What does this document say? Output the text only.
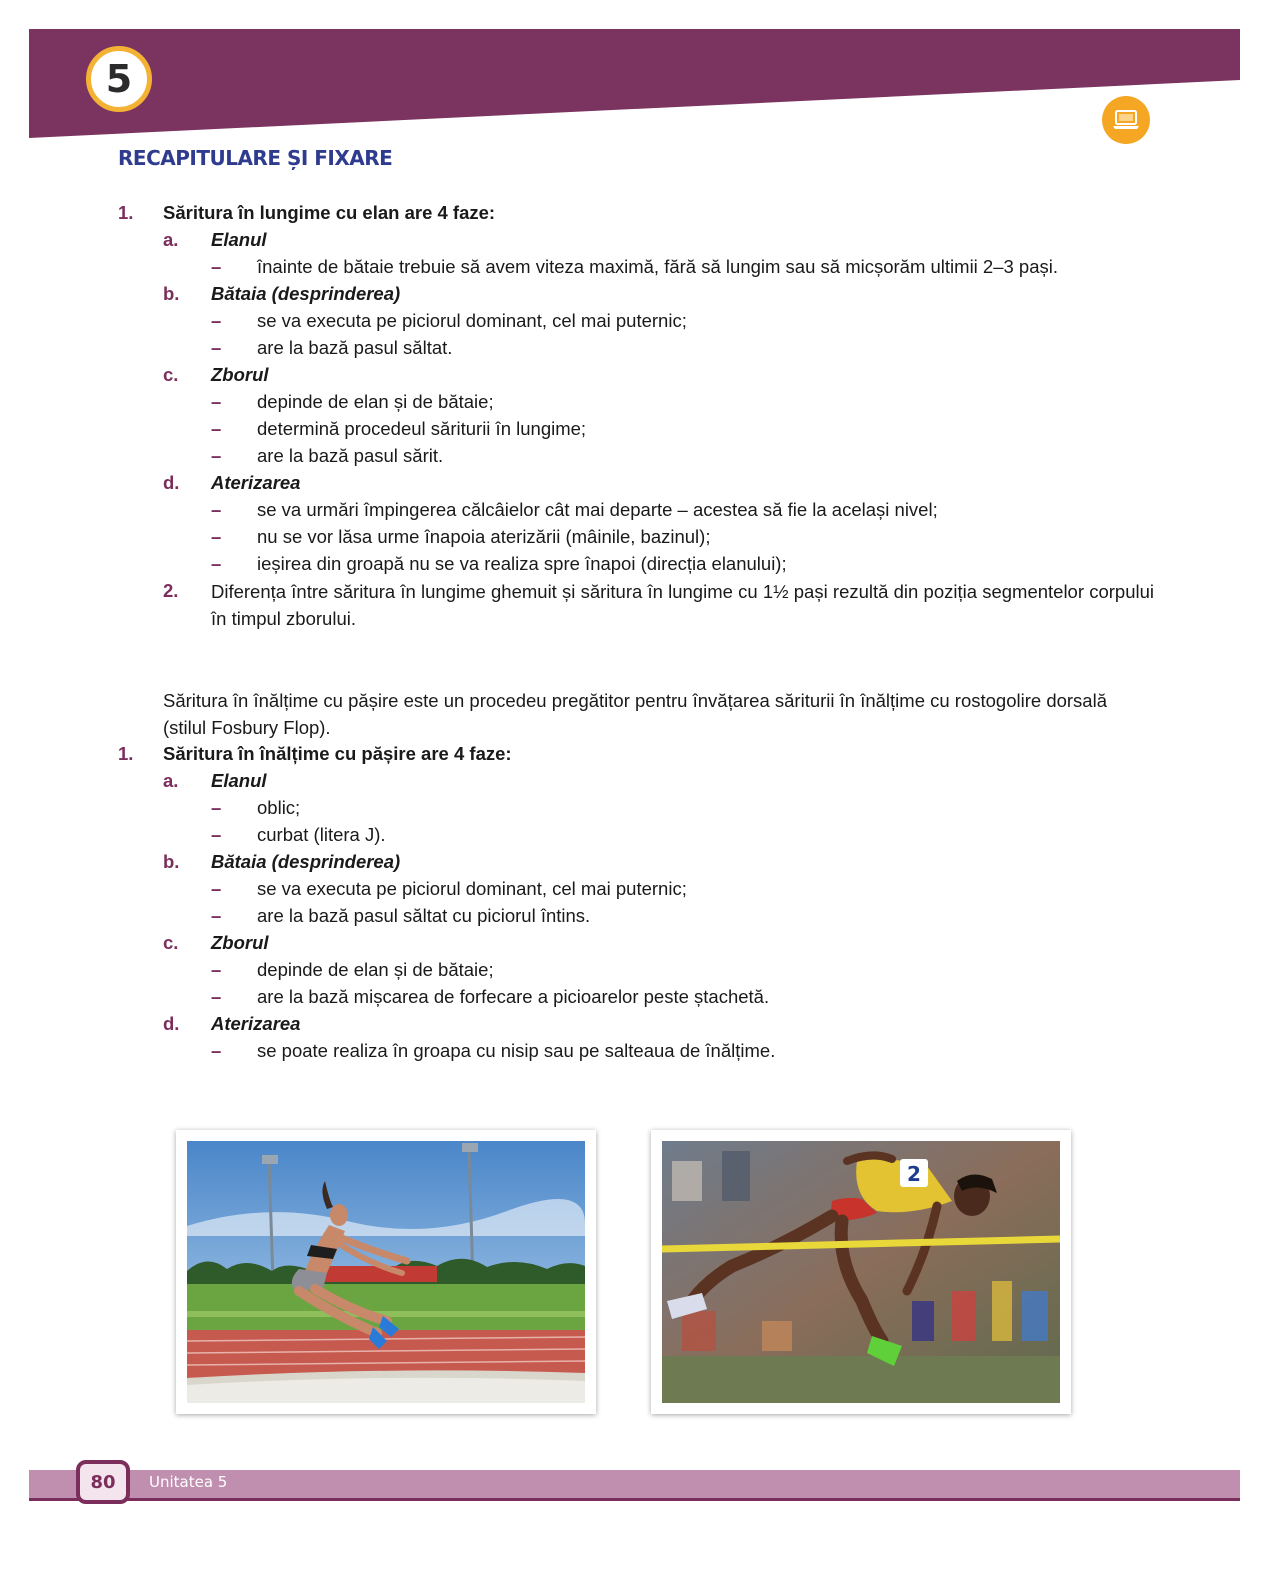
5
RECAPITULARE ȘI FIXARE
1. Săritura în lungime cu elan are 4 faze:
a. Elanul
– înainte de bătaie trebuie să avem viteza maximă, fără să lungim sau să micșorăm ultimii 2–3 pași.
b. Bătaia (desprinderea)
– se va executa pe piciorul dominant, cel mai puternic;
– are la bază pasul săltat.
c. Zborul
– depinde de elan și de bătaie;
– determină procedeul săriturii în lungime;
– are la bază pasul sărit.
d. Aterizarea
– se va urmări împingerea călcâielor cât mai departe – acestea să fie la același nivel;
– nu se vor lăsa urme înapoia aterizării (mâinile, bazinul);
– ieșirea din groapă nu se va realiza spre înapoi (direcția elanului);
2. Diferența între săritura în lungime ghemuit și săritura în lungime cu 1½ pași rezultă din poziția segmentelor corpului în timpul zborului.
Săritura în înălțime cu pășire este un procedeu pregătitor pentru învățarea săriturii în înălțime cu rostogolire dorsală (stilul Fosbury Flop).
1. Săritura în înălțime cu pășire are 4 faze:
a. Elanul
– oblic;
– curbat (litera J).
b. Bătaia (desprinderea)
– se va executa pe piciorul dominant, cel mai puternic;
– are la bază pasul săltat cu piciorul întins.
c. Zborul
– depinde de elan și de bătaie;
– are la bază mișcarea de forfecare a picioarelor peste ștachetă.
d. Aterizarea
– se poate realiza în groapa cu nisip sau pe salteaua de înălțime.
2
80	Unitatea 5
